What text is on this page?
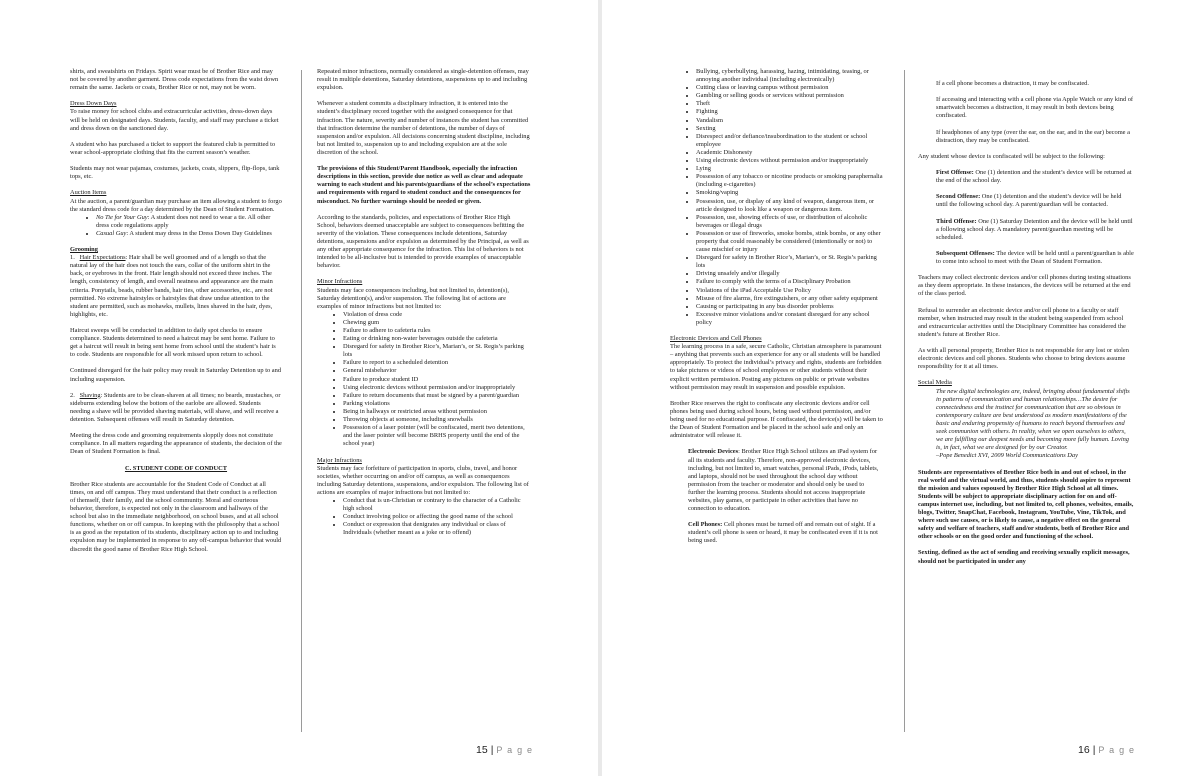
shirts, and sweatshirts on Fridays. Spirit wear must be of Brother Rice and may not be covered by another garment. Dress code expectations from the waist down remain the same. Jackets or coats, Brother Rice or not, may not be worn.

Dress Down Days

To raise money for school clubs and extracurricular activities, dress-down days will be held on designated days. Students, faculty, and staff may purchase a ticket and dress down on the sanctioned day.

A student who has purchased a ticket to support the featured club is permitted to wear school-appropriate clothing that fits the current season’s weather.

Students may not wear pajamas, costumes, jackets, coats, slippers, flip-flops, tank tops, etc.

Auction Items
At the auction, a parent/guardian may purchase an item allowing a student to forgo the standard dress code for a day determined by the Dean of Student Formation.
• No Tie for Your Guy: A student does not need to wear a tie. All other dress code regulations apply
• Casual Guy: A student may dress in the Dress Down Day Guidelines
Grooming

1. Hair Expectations: Hair shall be well groomed and of a length so that the natural lay of the hair does not touch the ears, collar of the uniform shirt in the back, or eyebrows in the front. Hair length should not exceed three inches. The length, consistency of length, and overall neatness and appearance are the main criteria. Ponytails, beads, rubber bands, hair ties, other accessories, etc., are not permitted. No extreme hairstyles or hairstyles that draw undue attention to the student are permitted, such as mohawks, mullets, lines shaved in the hair, dyes, highlights, etc.

Haircut sweeps will be conducted in addition to daily spot checks to ensure compliance. Students determined to need a haircut may be sent home. Failure to get a haircut will result in being sent home from school until the student’s hair is to code. Students are responsible for all work missed upon return to school.

Continued disregard for the hair policy may result in Saturday Detention up to and including suspension.

2. Shaving: Students are to be clean-shaven at all times; no beards, mustaches, or sideburns extending below the bottom of the earlobe are allowed. Students needing a shave will be provided shaving materials, will shave, and will receive a detention. Subsequent offenses will result in Saturday detention.

Meeting the dress code and grooming requirements sloppily does not constitute compliance. In all matters regarding the appearance of students, the decision of the Dean of Student Formation is final.

C. STUDENT CODE OF CONDUCT

Brother Rice students are accountable for the Student Code of Conduct at all times, on and off campus. They must understand that their conduct is a reflection of themself, their family, and the school community. Moral and courteous behavior, therefore, is expected not only in the classroom and hallways of the school but also in the immediate neighborhood, on school buses, and at all school functions, whether on or off campus. In keeping with the philosophy that a school is as good as the reputation of its students, disciplinary action up to and including expulsion may be implemented in response to any off-campus behavior that would discredit the good name of Brother Rice High School.

Repeated minor infractions, normally considered as single-detention offenses, may result in multiple detentions, Saturday detentions, suspensions up to and including expulsion.

Whenever a student commits a disciplinary infraction, it is entered into the student’s disciplinary record together with the assigned consequence for that infraction. The nature, severity and number of instances the student has committed that infraction determine the number of detentions, the number of days of suspension and/or expulsion. All decisions concerning student discipline, including but not limited to, suspension up to and including expulsion are at the sole discretion of the school.

The provisions of this Student/Parent Handbook, especially the infraction descriptions in this section, provide due notice as well as clear and adequate warning to each student and his parents/guardians of the school’s expectations and requirements with regard to student conduct and the consequences for misconduct. No further warnings should be needed or given.

According to the standards, policies, and expectations of Brother Rice High School, behaviors deemed unacceptable are subject to consequences befitting the severity of the violation. These consequences include detentions, Saturday detentions, suspensions and/or expulsion as determined by the Principal, as well as any other appropriate consequence for the infraction. This list of behaviors is not intended to be all-inclusive but is intended to provide examples of unacceptable behavior.

Minor Infractions
Students may face consequences including, but not limited to, detention(s), Saturday detention(s), and/or suspension. The following list of actions are examples of minor infractions but not limited to:
• Violation of dress code
• Chewing gum
• Failure to adhere to cafeteria rules
• Eating or drinking non-water beverages outside the cafeteria
• Disregard for safety in Brother Rice’s, Marian’s, or St. Regis’s parking lots
• Failure to report to a scheduled detention
• General misbehavior
• Failure to produce student ID
• Using electronic devices without permission and/or inappropriately
• Failure to return documents that must be signed by a parent/guardian
• Parking violations
• Being in hallways or restricted areas without permission
• Throwing objects at someone, including snowballs
• Possession of a laser pointer (will be confiscated, merit two detentions, and the laser pointer will become BRHS property until the end of the school year)
Major Infractions
Students may face forfeiture of participation in sports, clubs, travel, and honor societies, whether occurring on and/or off campus, as well as consequences including Saturday detentions, suspensions, and/or expulsion. The following list of actions are examples of major infractions but not limited to:
• Conduct that is un-Christian or contrary to the character of a Catholic high school
• Conduct involving police or affecting the good name of the school
• Conduct or expression that denigrates any individual or class of Individuals (whether meant as a joke or to offend)
15 | P a g e
• Bullying, cyberbullying, harassing, hazing, intimidating, teasing, or annoying another individual (including electronically)
• Cutting class or leaving campus without permission
• Gambling or selling goods or services without permission
• Theft
• Fighting
• Vandalism
• Sexting
• Disrespect and/or defiance/insubordination to the student or school employee
• Academic Dishonesty
• Using electronic devices without permission and/or inappropriately
• Lying
• Possession of any tobacco or nicotine products or smoking paraphernalia (including e-cigarettes)
• Smoking/vaping
• Possession, use, or display of any kind of weapon, dangerous item, or article designed to look like a weapon or dangerous item.
• Possession, use, showing effects of use, or distribution of alcoholic beverages or illegal drugs
• Possession or use of fireworks, smoke bombs, stink bombs, or any other property that could reasonably be considered (intentionally or not) to cause mischief or injury
• Disregard for safety in Brother Rice’s, Marian’s, or St. Regis’s parking lots
• Driving unsafely and/or illegally
• Failure to comply with the terms of a Disciplinary Probation
• Violations of the iPad Acceptable Use Policy
• Misuse of fire alarms, fire extinguishers, or any other safety equipment
• Causing or participating in any bus disorder problems
• Excessive minor violations and/or constant disregard for any school policy
Electronic Devices and Cell Phones

The learning process in a safe, secure Catholic, Christian atmosphere is paramount – anything that prevents such an experience for any or all students will be handled appropriately. To protect the individual’s privacy and rights, students are forbidden to take pictures or videos of school employees or other students without their explicit written permission. Posting any pictures on public or private websites without permission may result in suspension and possible expulsion.

Brother Rice reserves the right to confiscate any electronic devices and/or cell phones being used during school hours, being used without permission, and/or being used for no educational purpose. If confiscated, the device(s) will be taken to the Dean of Student Formation and be placed in the school safe and only an administrator will release it.

Electronic Devices: Brother Rice High School utilizes an iPad system for all its students and faculty. Therefore, non-approved electronic devices, including, but not limited to, smart watches, personal iPads, iPods, tablets, and laptops, should not be used throughout the school day without permission from the teacher or moderator and should only be used to further the learning process. Students should not access inappropriate websites, play games, or participate in other activities that have no connection to education.

Cell Phones: Cell phones must be turned off and remain out of sight. If a student’s cell phone is seen or heard, it may be confiscated even if it is not being used.

If a cell phone becomes a distraction, it may be confiscated.

If accessing and interacting with a cell phone via Apple Watch or any kind of smartwatch becomes a distraction, it may result in both devices being confiscated.

If headphones of any type (over the ear, on the ear, and in the ear) become a distraction, they may be confiscated.

Any student whose device is confiscated will be subject to the following:

First Offense: One (1) detention and the student’s device will be returned at the end of the school day.

Second Offense: One (1) detention and the student’s device will be held until the following school day. A parent/guardian will be contacted.

Third Offense: One (1) Saturday Detention and the device will be held until a following school day. A mandatory parent/guardian meeting will be scheduled.

Subsequent Offenses: The device will be held until a parent/guardian is able to come into school to meet with the Dean of Student Formation.

Teachers may collect electronic devices and/or cell phones during testing situations as they deem appropriate. In these instances, the devices will be returned at the end of the class period.

Refusal to surrender an electronic device and/or cell phone to a faculty or staff member, when instructed may result in the student being suspended from school and extracurricular activities until the Disciplinary Committee has considered the student’s future at Brother Rice.

As with all personal property, Brother Rice is not responsible for any lost or stolen electronic devices and cell phones. Students who choose to bring devices assume responsibility for it at all times.

Social Media
The new digital technologies are, indeed, bringing about fundamental shifts in patterns of communication and human relationships…The desire for connectedness and the instinct for communication that are so obvious in contemporary culture are best understood as modern manifestations of the basic and enduring propensity of humans to reach beyond themselves and seek communion with others. In reality, when we open ourselves to others, we are fulfilling our deepest needs and becoming more fully human. Loving is, in fact, what we are designed for by our Creator.

–Pope Benedict XVI, 2009 World Communications Day

Students are representatives of Brother Rice both in and out of school, in the real world and the virtual world, and thus, students should aspire to represent the mission and values espoused by Brother Rice High School at all times. Students will be subject to appropriate disciplinary action for on and off-campus internet use, including, but not limited to, cell phones, websites, emails, blogs, Twitter, SnapChat, Facebook, Instagram, YouTube, Vine, TikTok, and where such use causes, or is likely to cause, a negative effect on the general safety and welfare of teachers, staff and/or students, both of Brother Rice and other schools or on the good order and functioning of the school.

Sexting, defined as the act of sending and receiving sexually explicit messages, should not be participated in under any

16 | P a g e
